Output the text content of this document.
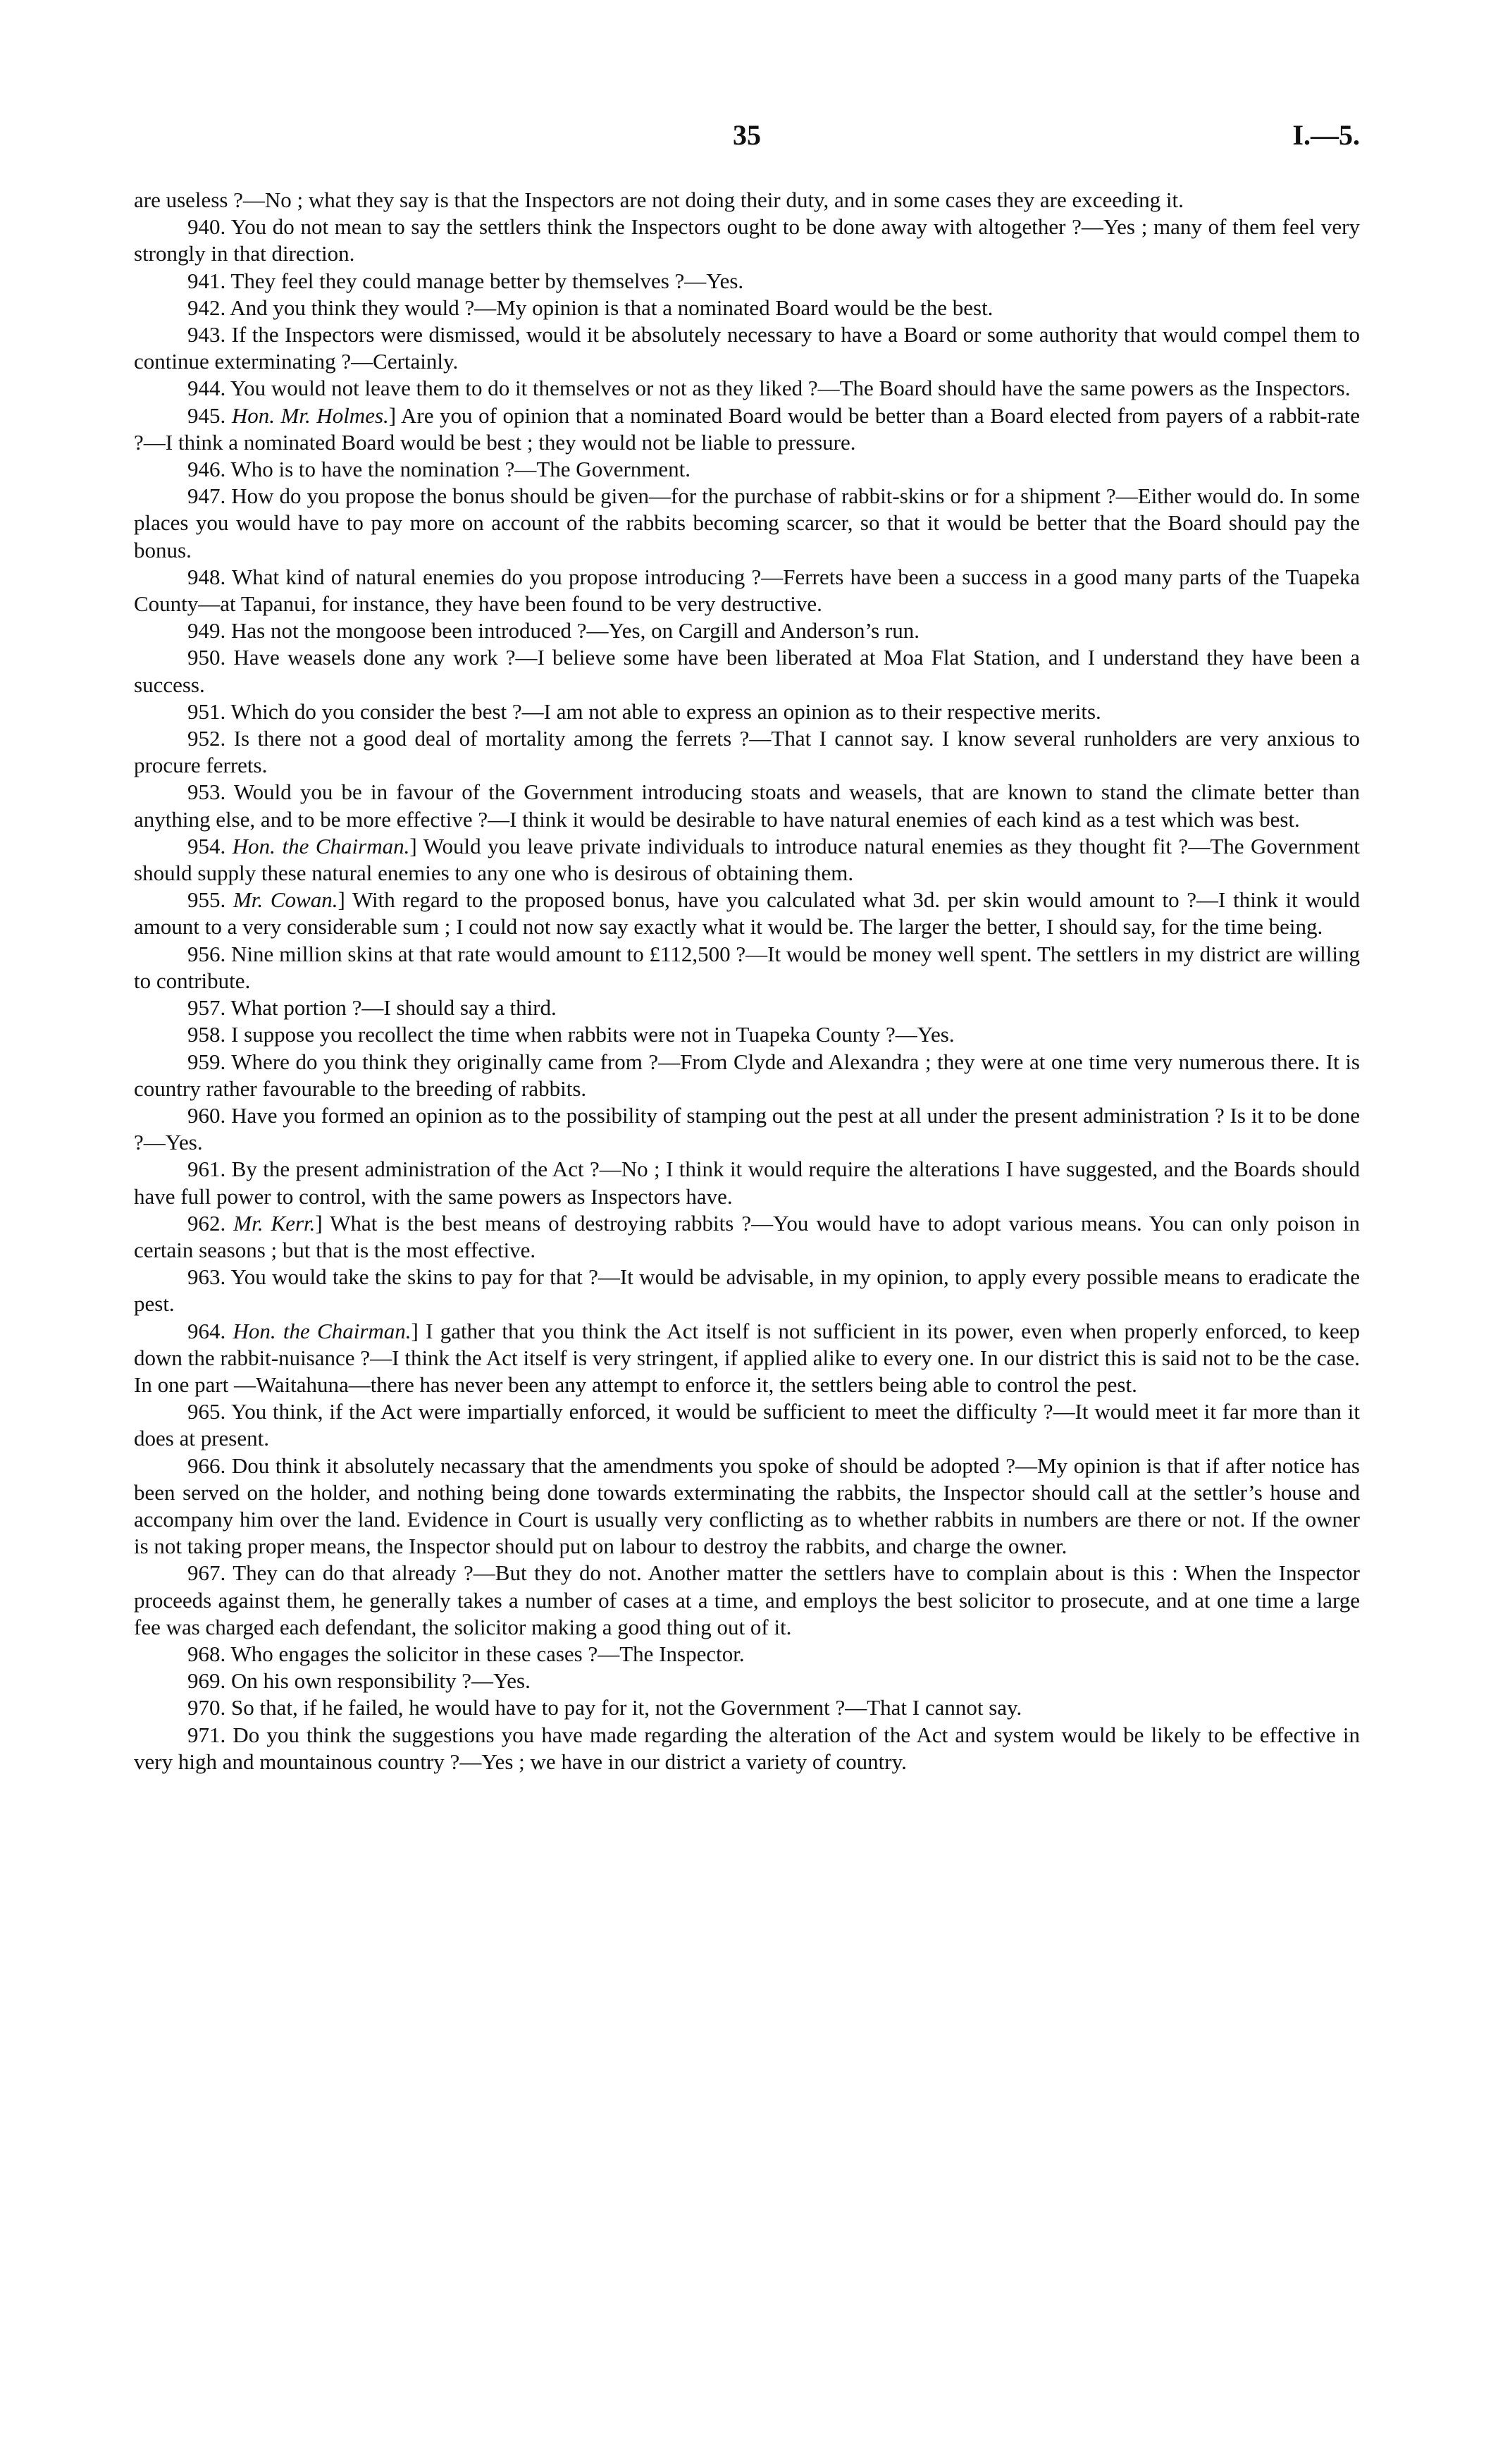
35	I.—5.

are useless ?—No ; what they say is that the Inspectors are not doing their duty, and in some cases they are exceeding it.

940. You do not mean to say the settlers think the Inspectors ought to be done away with altogether ?—Yes ; many of them feel very strongly in that direction.

941. They feel they could manage better by themselves ?—Yes.

942. And you think they would ?—My opinion is that a nominated Board would be the best.

943. If the Inspectors were dismissed, would it be absolutely necessary to have a Board or some authority that would compel them to continue exterminating ?—Certainly.

944. You would not leave them to do it themselves or not as they liked ?—The Board should have the same powers as the Inspectors.

945. Hon. Mr. Holmes.] Are you of opinion that a nominated Board would be better than a Board elected from payers of a rabbit-rate ?—I think a nominated Board would be best ; they would not be liable to pressure.

946. Who is to have the nomination ?—The Government.

947. How do you propose the bonus should be given—for the purchase of rabbit-skins or for a shipment ?—Either would do. In some places you would have to pay more on account of the rabbits becoming scarcer, so that it would be better that the Board should pay the bonus.

948. What kind of natural enemies do you propose introducing ?—Ferrets have been a success in a good many parts of the Tuapeka County—at Tapanui, for instance, they have been found to be very destructive.

949. Has not the mongoose been introduced ?—Yes, on Cargill and Anderson’s run.

950. Have weasels done any work ?—I believe some have been liberated at Moa Flat Station, and I understand they have been a success.

951. Which do you consider the best ?—I am not able to express an opinion as to their respective merits.

952. Is there not a good deal of mortality among the ferrets ?—That I cannot say. I know several runholders are very anxious to procure ferrets.

953. Would you be in favour of the Government introducing stoats and weasels, that are known to stand the climate better than anything else, and to be more effective ?—I think it would be desirable to have natural enemies of each kind as a test which was best.

954. Hon. the Chairman.] Would you leave private individuals to introduce natural enemies as they thought fit ?—The Government should supply these natural enemies to any one who is desirous of obtaining them.

955. Mr. Cowan.] With regard to the proposed bonus, have you calculated what 3d. per skin would amount to ?—I think it would amount to a very considerable sum ; I could not now say exactly what it would be. The larger the better, I should say, for the time being.

956. Nine million skins at that rate would amount to £112,500 ?—It would be money well spent. The settlers in my district are willing to contribute.

957. What portion ?—I should say a third.

958. I suppose you recollect the time when rabbits were not in Tuapeka County ?—Yes.

959. Where do you think they originally came from ?—From Clyde and Alexandra ; they were at one time very numerous there. It is country rather favourable to the breeding of rabbits.

960. Have you formed an opinion as to the possibility of stamping out the pest at all under the present administration ? Is it to be done ?—Yes.

961. By the present administration of the Act ?—No ; I think it would require the alterations I have suggested, and the Boards should have full power to control, with the same powers as Inspectors have.

962. Mr. Kerr.] What is the best means of destroying rabbits ?—You would have to adopt various means. You can only poison in certain seasons ; but that is the most effective.

963. You would take the skins to pay for that ?—It would be advisable, in my opinion, to apply every possible means to eradicate the pest.

964. Hon. the Chairman.] I gather that you think the Act itself is not sufficient in its power, even when properly enforced, to keep down the rabbit-nuisance ?—I think the Act itself is very stringent, if applied alike to every one. In our district this is said not to be the case. In one part —Waitahuna—there has never been any attempt to enforce it, the settlers being able to control the pest.

965. You think, if the Act were impartially enforced, it would be sufficient to meet the difficulty ?—It would meet it far more than it does at present.

966. Dou think it absolutely necassary that the amendments you spoke of should be adopted ?—My opinion is that if after notice has been served on the holder, and nothing being done towards exterminating the rabbits, the Inspector should call at the settler’s house and accompany him over the land. Evidence in Court is usually very conflicting as to whether rabbits in numbers are there or not. If the owner is not taking proper means, the Inspector should put on labour to destroy the rabbits, and charge the owner.

967. They can do that already ?—But they do not. Another matter the settlers have to complain about is this : When the Inspector proceeds against them, he generally takes a number of cases at a time, and employs the best solicitor to prosecute, and at one time a large fee was charged each defendant, the solicitor making a good thing out of it.

968. Who engages the solicitor in these cases ?—The Inspector.

969. On his own responsibility ?—Yes.

970. So that, if he failed, he would have to pay for it, not the Government ?—That I cannot say.

971. Do you think the suggestions you have made regarding the alteration of the Act and system would be likely to be effective in very high and mountainous country ?—Yes ; we have in our district a variety of country.
